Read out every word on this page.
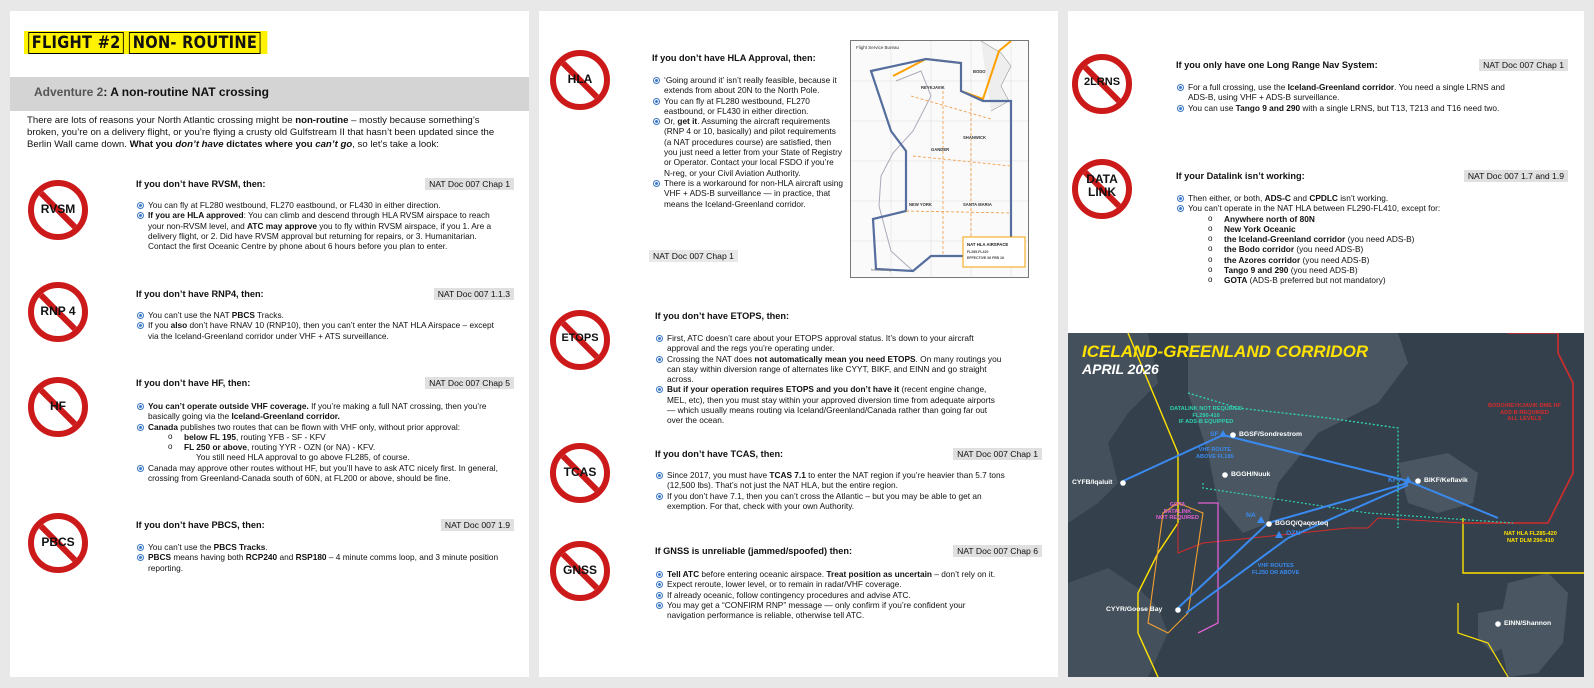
FLIGHT #2 NON- ROUTINE
Adventure 2: A non-routine NAT crossing
There are lots of reasons your North Atlantic crossing might be non-routine – mostly because something’s broken, you’re on a delivery flight, or you’re flying a crusty old Gulfstream II that hasn’t been updated since the Berlin Wall came down. What you don’t have dictates where you can’t go, so let’s take a look:
RVSM
If you don’t have RVSM, then:	NAT Doc 007 Chap 1
You can fly at FL280 westbound, FL270 eastbound, or FL430 in either direction.
If you are HLA approved: You can climb and descend through HLA RVSM airspace to reach your non-RVSM level, and ATC may approve you to fly within RVSM airspace, if you 1. Are a delivery flight, or 2. Did have RVSM approval but returning for repairs, or 3. Humanitarian. Contact the first Oceanic Centre by phone about 6 hours before you plan to enter.
RNP 4
If you don’t have RNP4, then:	NAT Doc 007 1.1.3
You can’t use the NAT PBCS Tracks.
If you also don’t have RNAV 10 (RNP10), then you can’t enter the NAT HLA Airspace – except via the Iceland-Greenland corridor under VHF + ATS surveillance.
HF
If you don’t have HF, then:	NAT Doc 007 Chap 5
You can’t operate outside VHF coverage. If you’re making a full NAT crossing, then you’re basically going via the Iceland-Greenland corridor.
Canada publishes two routes that can be flown with VHF only, without prior approval:
o below FL 195, routing YFB - SF - KFV
o FL 250 or above, routing YYR - OZN (or NA) - KFV.
You still need HLA approval to go above FL285, of course.
Canada may approve other routes without HF, but you’ll have to ask ATC nicely first. In general, crossing from Greenland-Canada south of 60N, at FL200 or above, should be fine.
PBCS
If you don’t have PBCS, then:	NAT Doc 007 1.9
You can’t use the PBCS Tracks.
PBCS means having both RCP240 and RSP180 – 4 minute comms loop, and 3 minute position reporting.
HLA
If you don’t have HLA Approval, then:
‘Going around it’ isn’t really feasible, because it extends from about 20N to the North Pole.
You can fly at FL280 westbound, FL270 eastbound, or FL430 in either direction.
Or, get it. Assuming the aircraft requirements (RNP 4 or 10, basically) and pilot requirements (a NAT procedures course) are satisfied, then you just need a letter from your State of Registry or Operator. Contact your local FSDO if you’re N-reg, or your Civil Aviation Authority.
There is a workaround for non-HLA aircraft using VHF + ADS-B surveillance — in practice, that means the Iceland-Greenland corridor.
NAT Doc 007 Chap 1
Flight Service Bureau
BODO
REYKJAVIK
GANDER
SHANWICK
NEW YORK	SANTA MARIA
NAT HLA AIRSPACE
FL285-FL420
EFFECTIVE 06 FEB 16
fsbureau.org
ETOPS
If you don’t have ETOPS, then:
First, ATC doesn’t care about your ETOPS approval status. It’s down to your aircraft approval and the regs you’re operating under.
Crossing the NAT does not automatically mean you need ETOPS. On many routings you can stay within diversion range of alternates like CYYT, BIKF, and EINN and go straight across.
But if your operation requires ETOPS and you don’t have it (recent engine change, MEL, etc), then you must stay within your approved diversion time from adequate airports — which usually means routing via Iceland/Greenland/Canada rather than going far out over the ocean.
TCAS
If you don’t have TCAS, then:	NAT Doc 007 Chap 1
Since 2017, you must have TCAS 7.1 to enter the NAT region if you’re heavier than 5.7 tons (12,500 lbs). That’s not just the NAT HLA, but the entire region.
If you don’t have 7.1, then you can’t cross the Atlantic – but you may be able to get an exemption. For that, check with your own Authority.
GNSS
If GNSS is unreliable (jammed/spoofed) then:	NAT Doc 007 Chap 6
Tell ATC before entering oceanic airspace. Treat position as uncertain – don’t rely on it.
Expect reroute, lower level, or to remain in radar/VHF coverage.
If already oceanic, follow contingency procedures and advise ATC.
You may get a “CONFIRM RNP” message — only confirm if you’re confident your navigation performance is reliable, otherwise tell ATC.
2LRNS
If you only have one Long Range Nav System:	NAT Doc 007 Chap 1
For a full crossing, use the Iceland-Greenland corridor. You need a single LRNS and ADS-B, using VHF + ADS-B surveillance.
You can use Tango 9 and 290 with a single LRNS, but T13, T213 and T16 need two.
DATA LINK
If your Datalink isn’t working:	NAT Doc 007 1.7 and 1.9
Then either, or both, ADS-C and CPDLC isn’t working.
You can’t operate in the NAT HLA between FL290-FL410, except for:
o Anywhere north of 80N
o New York Oceanic
o the Iceland-Greenland corridor (you need ADS-B)
o the Bodo corridor (you need ADS-B)
o the Azores corridor (you need ADS-B)
o Tango 9 and 290 (you need ADS-B)
o GOTA (ADS-B preferred but not mandatory)
ICELAND-GREENLAND CORRIDOR
APRIL 2026
DATALINK NOT REQUIRED
FL290-410
IF ADS-B EQUIPPED
VHF ROUTE
ABOVE FL195
GOTA
DATALINK
NOT REQUIRED
VHF ROUTES
FL250 OR ABOVE
BODO/REYKJAVIK DME HF
ADS-B REQUIRED
ALL LEVELS
NAT HLA FL285-420
NAT DLM 290-410
CYFB/Iqaluit
SF	BGSF/Sondrestrom
BGGH/Nuuk
KFV	BIKF/Keflavik
NA
BGGQ/Qaqortoq
OZN
CYYR/Goose Bay
EINN/Shannon
